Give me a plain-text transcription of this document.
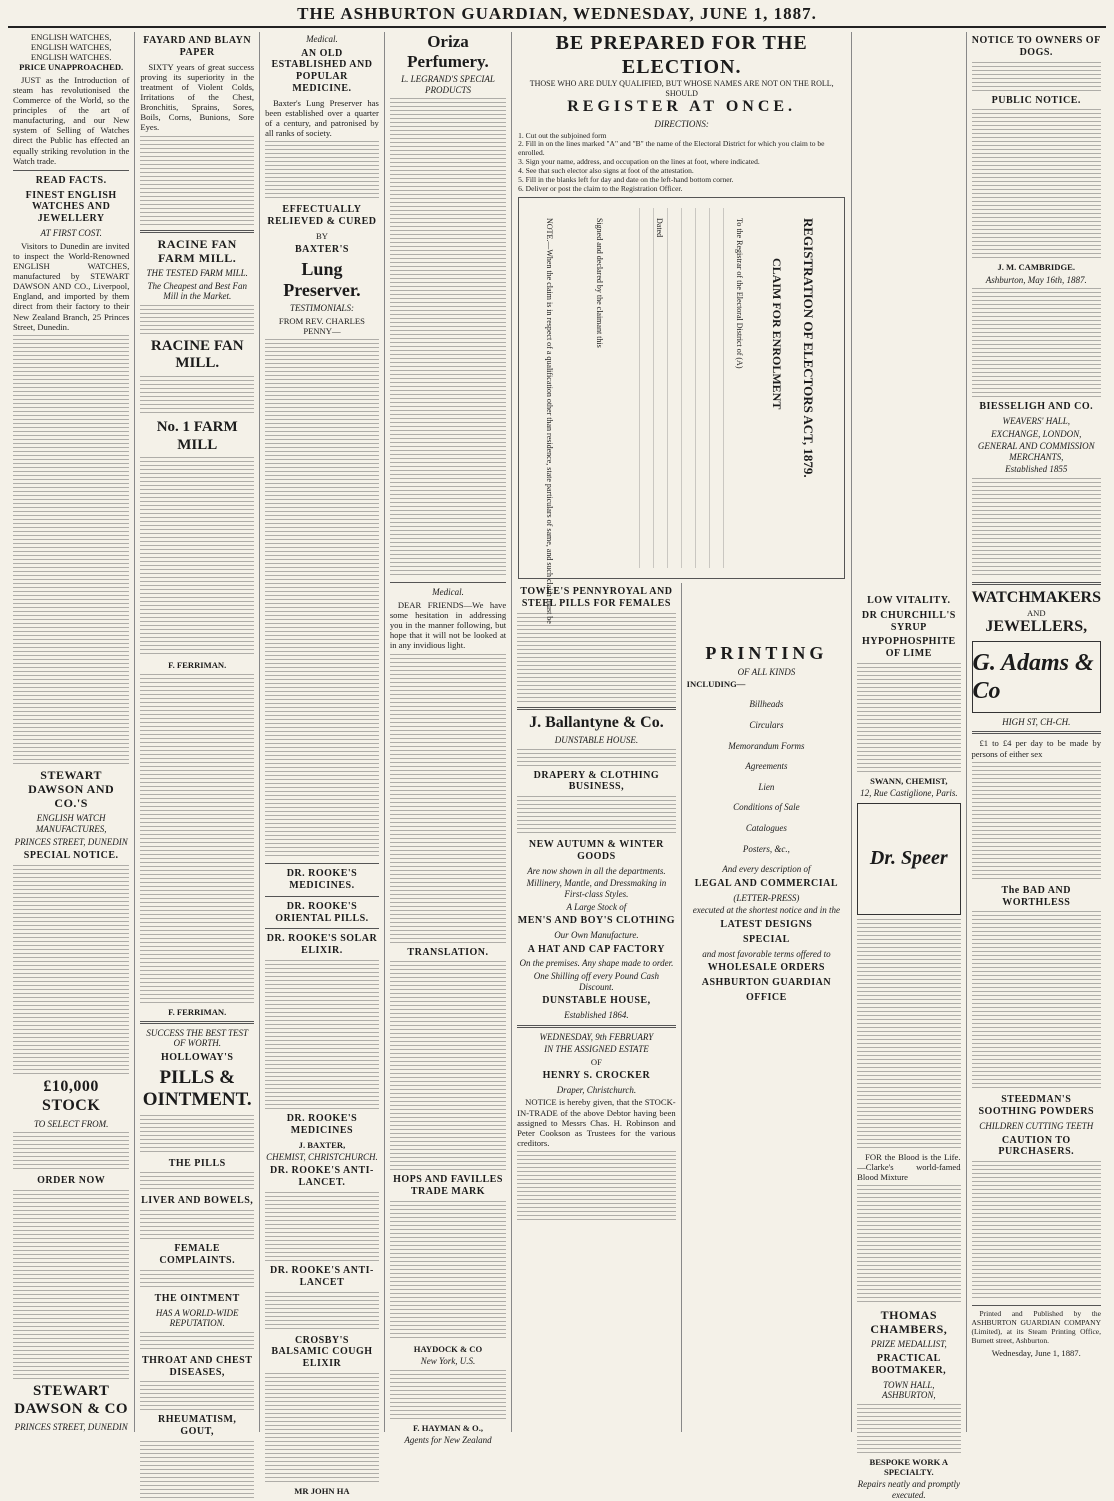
THE ASHBURTON GUARDIAN, WEDNESDAY, JUNE 1, 1887.
ENGLISH WATCHES,
ENGLISH WATCHES,
ENGLISH WATCHES.
PRICE UNAPPROACHED.

JUST as the Introduction of steam has revolutionised the Commerce of the World, so the principles of the art of manufacturing, and our New system of Selling of Watches direct the Public has effected an equally striking revolution in the Watch trade.

READ FACTS.
FINEST ENGLISH WATCHES AND JEWELLERY
AT FIRST COST.

Visitors to Dunedin are invited to inspect the World-Renowned ENGLISH WATCHES, manufactured by STEWART DAWSON AND CO., Liverpool, England, and imported by them direct from their factory to their New Zealand Branch, 25 Princes Street, Dunedin.

STEWART DAWSON AND CO.'S
ENGLISH WATCH MANUFACTURES,
PRINCES STREET, DUNEDIN
SPECIAL NOTICE.
£10,000 STOCK
TO SELECT FROM.
ORDER NOW
STEWART DAWSON & CO
PRINCES STREET, DUNEDIN
FAYARD AND BLAYN PAPER

SIXTY years of great success proving its superiority in the treatment of Violent Colds, Irritations of the Chest, Bronchitis, Sprains, Sores, Boils, Corns, Bunions, Sore Eyes.

RACINE FAN FARM MILL.
THE TESTED FARM MILL.
The Cheapest and Best Fan Mill in the Market.
RACINE FAN MILL.
No. 1 FARM MILL
F. FERRIMAN.
F. FERRIMAN.
SUCCESS THE BEST TEST OF WORTH.
HOLLOWAY'S
PILLS & OINTMENT.
THE PILLS
LIVER AND BOWELS,
FEMALE COMPLAINTS.
THE OINTMENT
HAS A WORLD-WIDE REPUTATION.
THROAT AND CHEST DISEASES,
RHEUMATISM, GOUT,
Medical.
AN OLD ESTABLISHED AND POPULAR MEDICINE.

Baxter's Lung Preserver has been established over a quarter of a century, and patronised by all ranks of society.

EFFECTUALLY RELIEVED & CURED
BY
BAXTER'S
Lung Preserver.
TESTIMONIALS:
FROM REV. CHARLES PENNY—
DR. ROOKE'S MEDICINES.
DR. ROOKE'S ORIENTAL PILLS.
DR. ROOKE'S SOLAR ELIXIR.
DR. ROOKE'S MEDICINES
J. BAXTER,
CHEMIST, CHRISTCHURCH.
DR. ROOKE'S ANTI-LANCET.
DR. ROOKE'S ANTI-LANCET
CROSBY'S BALSAMIC COUGH ELIXIR
MR JOHN HA
Oriza Perfumery.
L. LEGRAND'S SPECIAL PRODUCTS
Medical.

DEAR FRIENDS—We have some hesitation in addressing you in the manner following, but hope that it will not be looked at in any invidious light.

TRANSLATION.
HOPS AND FAVILLES TRADE MARK
HAYDOCK & CO
New York, U.S.
F. HAYMAN & O.,
Agents for New Zealand
BE PREPARED FOR THE ELECTION.
THOSE WHO ARE DULY QUALIFIED, BUT WHOSE NAMES ARE NOT ON THE ROLL, SHOULD
REGISTER AT ONCE.
DIRECTIONS:
1. Cut out the subjoined form
2. Fill in on the lines marked "A" and "B" the name of the Electoral District for which you claim to be enrolled.
3. Sign your name, address, and occupation on the lines at foot, where indicated.
4. See that such elector also signs at foot of the attestation.
5. Fill in the blanks left for day and date on the left-hand bottom corner.
6. Deliver or post the claim to the Registration Officer.
REGISTRATION OF ELECTORS ACT, 1879.
CLAIM FOR ENROLMENT
To the Registrar of the Electoral District of (A)
Dated
Signed and declared by the claimant this
NOTE.—When the claim is in respect of a qualification other than residence, state particulars of same, and such claim must be
TOWLE'S PENNYROYAL AND STEEL PILLS FOR FEMALES
J. Ballantyne & Co.
DUNSTABLE HOUSE.
DRAPERY & CLOTHING BUSINESS,
NEW AUTUMN & WINTER GOODS
Are now shown in all the departments.
Millinery, Mantle, and Dressmaking in First-class Styles.
A Large Stock of
MEN'S AND BOY'S CLOTHING
Our Own Manufacture.
A HAT AND CAP FACTORY
On the premises. Any shape made to order.
One Shilling off every Pound Cash Discount.
DUNSTABLE HOUSE,
Established 1864.
WEDNESDAY, 9th FEBRUARY
IN THE ASSIGNED ESTATE
OF
HENRY S. CROCKER
Draper, Christchurch.

NOTICE is hereby given, that the STOCK-IN-TRADE of the above Debtor having been assigned to Messrs Chas. H. Robinson and Peter Cookson as Trustees for the various creditors.

PRINTING
OF ALL KINDS
INCLUDING—
Billheads
Circulars
Memorandum Forms
Agreements
Lien
Conditions of Sale
Catalogues
Posters, &c.,
And every description of
LEGAL AND COMMERCIAL
(LETTER-PRESS)
executed at the shortest notice and in the
LATEST DESIGNS
SPECIAL
and most favorable terms offered to
WHOLESALE ORDERS
ASHBURTON GUARDIAN
OFFICE
LOW VITALITY.
DR CHURCHILL'S SYRUP
HYPOPHOSPHITE OF LIME
SWANN, CHEMIST,
12, Rue Castiglione, Paris.
Dr. Speer

FOR the Blood is the Life.—Clarke's world-famed Blood Mixture

THOMAS CHAMBERS,
PRIZE MEDALLIST,
PRACTICAL BOOTMAKER,
TOWN HALL, ASHBURTON,
BESPOKE WORK A SPECIALTY.
Repairs neatly and promptly executed.
NOTICE TO OWNERS OF DOGS.
PUBLIC NOTICE.
J. M. CAMBRIDGE.
Ashburton, May 16th, 1887.
BIESSELIGH AND CO.
WEAVERS' HALL,
EXCHANGE, LONDON,
GENERAL AND COMMISSION MERCHANTS,
Established 1855
WATCHMAKERS
AND
JEWELLERS,
G. Adams & Co
HIGH ST, CH-CH.

£1 to £4 per day to be made by persons of either sex

The BAD AND WORTHLESS
STEEDMAN'S SOOTHING POWDERS
CHILDREN CUTTING TEETH
CAUTION TO PURCHASERS.

Printed and Published by the ASHBURTON GUARDIAN COMPANY (Limited), at its Steam Printing Office, Burnett street, Ashburton.

Wednesday, June 1, 1887.
